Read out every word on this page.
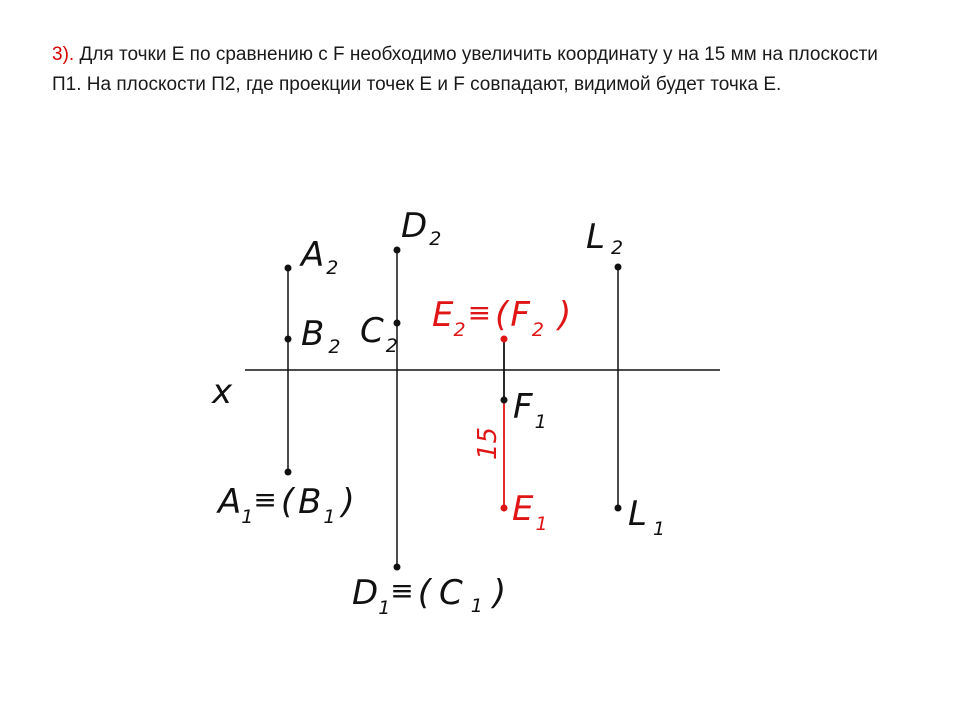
3). Для точки E по сравнению с F необходимо увеличить координату y на 15 мм на плоскости П1. На плоскости П2, где проекции точек E и F совпадают, видимой будет точка E.
x
A $_2$
B $_2$ C $_2$
D $_2$	L 2
$E_2^\equiv$ (F $_2$ )
F $_1$
15
E $_1$
$A_1^\equiv$ ( B $_1$ )
$D_1^\equiv$ ( C $_1$ )
L $_1$
